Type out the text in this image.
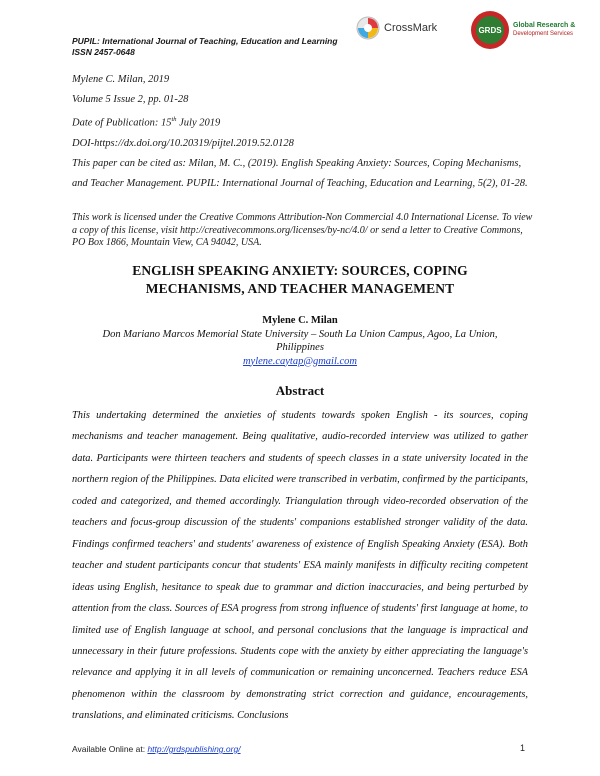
PUPIL: International Journal of Teaching, Education and Learning
ISSN 2457-0648
CrossMark	GRDS
Global Research &
Development Services

Mylene C. Milan, 2019

Volume 5 Issue 2, pp. 01-28

Date of Publication: 15th July 2019

DOI-https://dx.doi.org/10.20319/pijtel.2019.52.0128

This paper can be cited as: Milan, M. C., (2019). English Speaking Anxiety: Sources, Coping Mechanisms, and Teacher Management. PUPIL: International Journal of Teaching, Education and Learning, 5(2), 01-28.

This work is licensed under the Creative Commons Attribution-Non Commercial 4.0 International License. To view a copy of this license, visit http://creativecommons.org/licenses/by-nc/4.0/ or send a letter to Creative Commons, PO Box 1866, Mountain View, CA 94042, USA.
ENGLISH SPEAKING ANXIETY: SOURCES, COPING
MECHANISMS, AND TEACHER MANAGEMENT
Mylene C. Milan
Don Mariano Marcos Memorial State University – South La Union Campus, Agoo, La Union,
Philippines
mylene.caytap@gmail.com
Abstract
This undertaking determined the anxieties of students towards spoken English - its sources, coping mechanisms and teacher management. Being qualitative, audio-recorded interview was utilized to gather data. Participants were thirteen teachers and students of speech classes in a state university located in the northern region of the Philippines. Data elicited were transcribed in verbatim, confirmed by the participants, coded and categorized, and themed accordingly. Triangulation through video-recorded observation of the teachers and focus-group discussion of the students' companions established stronger validity of the data. Findings confirmed teachers' and students' awareness of existence of English Speaking Anxiety (ESA). Both teacher and student participants concur that students' ESA mainly manifests in difficulty reciting competent ideas using English, hesitance to speak due to grammar and diction inaccuracies, and being perturbed by attention from the class. Sources of ESA progress from strong influence of students' first language at home, to limited use of English language at school, and personal conclusions that the language is impractical and unnecessary in their future professions. Students cope with the anxiety by either appreciating the language's relevance and applying it in all levels of communication or remaining unconcerned. Teachers reduce ESA phenomenon within the classroom by demonstrating strict correction and guidance, encouragements, translations, and eliminated criticisms. Conclusions
Available Online at: http://grdspublishing.org/	1
